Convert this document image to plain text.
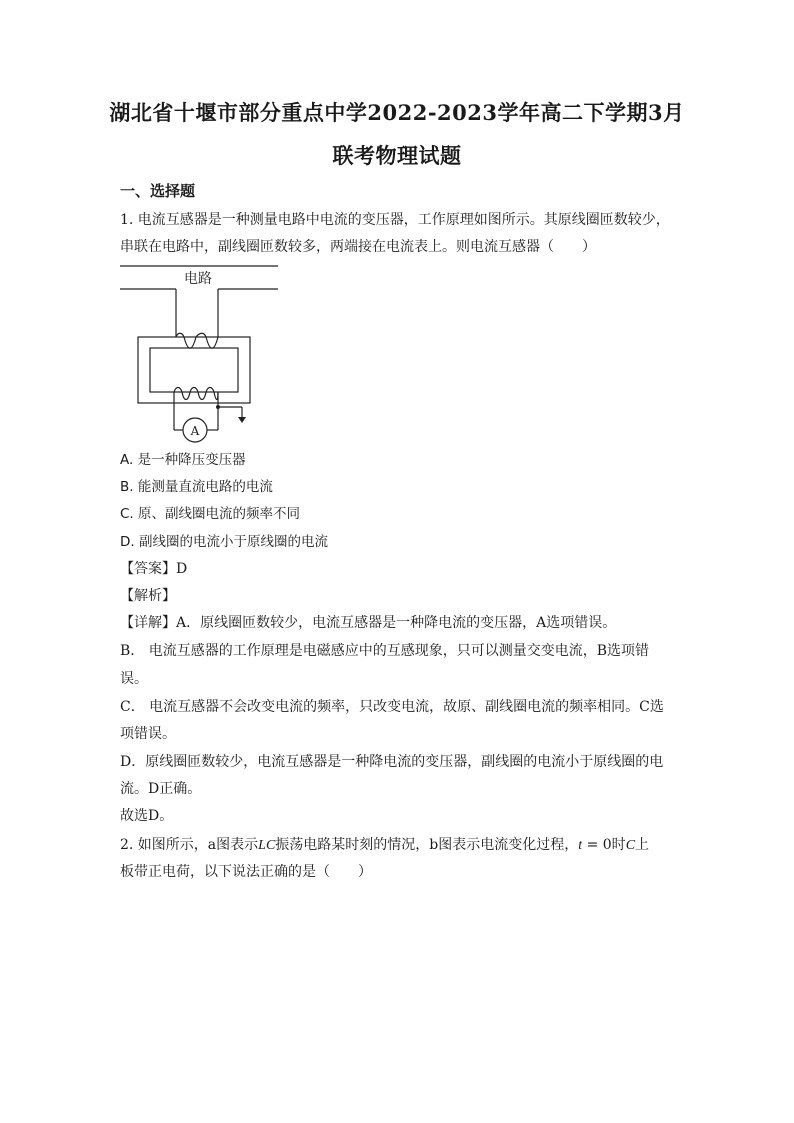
湖北省十堰市部分重点中学2022-2023学年高二下学期3月
联考物理试题
一、选择题
1. 电流互感器是一种测量电路中电流的变压器，工作原理如图所示。其原线圈匝数较少，
串联在电路中，副线圈匝数较多，两端接在电流表上。则电流互感器（　　）
电路
A
A. 是一种降压变压器
B. 能测量直流电路的电流
C. 原、副线圈电流的频率不同
D. 副线圈的电流小于原线圈的电流
【答案】D
【解析】
【详解】A．原线圈匝数较少，电流互感器是一种降电流的变压器，A选项错误。
B． 电流互感器的工作原理是电磁感应中的互感现象，只可以测量交变电流，B选项错
误。
C． 电流互感器不会改变电流的频率，只改变电流，故原、副线圈电流的频率相同。C选
项错误。
D．原线圈匝数较少，电流互感器是一种降电流的变压器，副线圈的电流小于原线圈的电
流。D正确。
故选D。
2. 如图所示，a图表示LC振荡电路某时刻的情况，b图表示电流变化过程，t = 0时C上
板带正电荷，以下说法正确的是（　　）
